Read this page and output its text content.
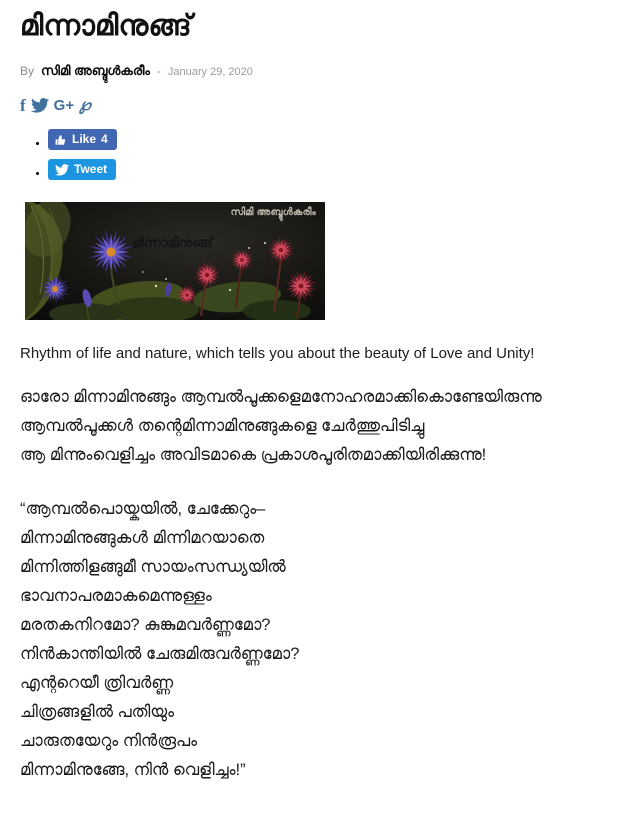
മിന്നാമിനുങ്ങ്
By സിമി അബ്ദുൾകരീം - January 29, 2020
f G+ ℘
• Like 4
• Tweet
സിമി അബ്ദുൾകരീം
മിന്നാമിനുങ്ങ്

Rhythm of life and nature, which tells you about the beauty of Love and Unity!

ഓരോ മിന്നാമിനുങ്ങും ആമ്പൽപൂക്കളെമനോഹരമാക്കികൊണ്ടേയിരുന്നു
ആമ്പൽപൂക്കൾ തന്റെമിന്നാമിനുങ്ങുകളെ ചേർത്തുപിടിച്ചു
ആ മിന്നുംവെളിച്ചം അവിടമാകെ പ്രകാശപൂരിതമാക്കിയിരിക്കുന്നു!

“ആമ്പൽപൊയ്കയിൽ, ചേക്കേറും–
മിന്നാമിനുങ്ങുകൾ മിന്നിമറയാതെ
മിന്നിത്തിളങ്ങുമീ സായംസന്ധ്യയിൽ
ഭാവനാപരമാകമെന്നുള്ളം
മരതകനിറമോ? കുങ്കുമവർണ്ണമോ?
നിൻകാന്തിയിൽ ചേരുമിരുവർണ്ണമോ?
എന്ററെയീ ത്രിവർണ്ണ
ചിത്രങ്ങളിൽ പതിയും
ചാരുതയേറും നിൻരൂപം
മിന്നാമിനുങ്ങേ, നിൻ വെളിച്ചം!”
